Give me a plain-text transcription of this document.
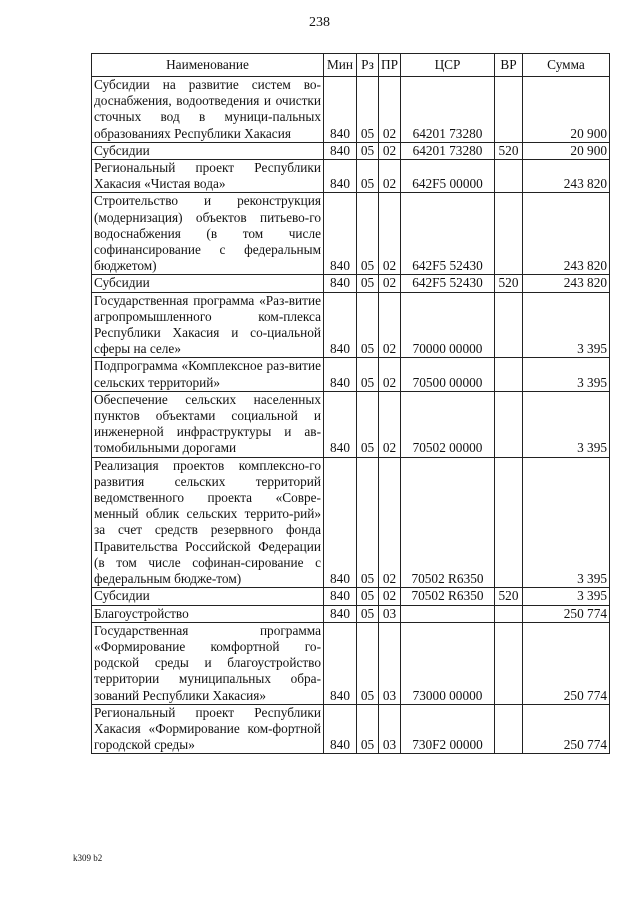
238
Наименование	Мин	Рз	ПР	ЦСР	ВР	Сумма
Субсидии на развитие систем во-доснабжения, водоотведения и очистки сточных вод в муници-пальных образованиях Республики Хакасия	840	05	02	64201 73280		20 900
Субсидии	840	05	02	64201 73280	520	20 900
Региональный проект Республики Хакасия «Чистая вода»	840	05	02	642F5 00000		243 820
Строительство и реконструкция (модернизация) объектов питьево-го водоснабжения (в том числе софинансирование с федеральным бюджетом)	840	05	02	642F5 52430		243 820
Субсидии	840	05	02	642F5 52430	520	243 820
Государственная программа «Раз-витие агропромышленного ком-плекса Республики Хакасия и со-циальной сферы на селе»	840	05	02	70000 00000		3 395
Подпрограмма «Комплексное раз-витие сельских территорий»	840	05	02	70500 00000		3 395
Обеспечение сельских населенных пунктов объектами социальной и инженерной инфраструктуры и ав-томобильными дорогами	840	05	02	70502 00000		3 395
Реализация проектов комплексно-го развития сельских территорий ведомственного проекта «Совре-менный облик сельских террито-рий» за счет средств резервного фонда Правительства Российской Федерации (в том числе софинан-сирование с федеральным бюдже-том)	840	05	02	70502 R6350		3 395
Субсидии	840	05	02	70502 R6350	520	3 395
Благоустройство	840	05	03			250 774
Государственная программа «Формирование комфортной го-родской среды и благоустройство территории муниципальных обра-зований Республики Хакасия»	840	05	03	73000 00000		250 774
Региональный проект Республики Хакасия «Формирование ком-фортной городской среды»	840	05	03	730F2 00000		250 774
k309 b2
